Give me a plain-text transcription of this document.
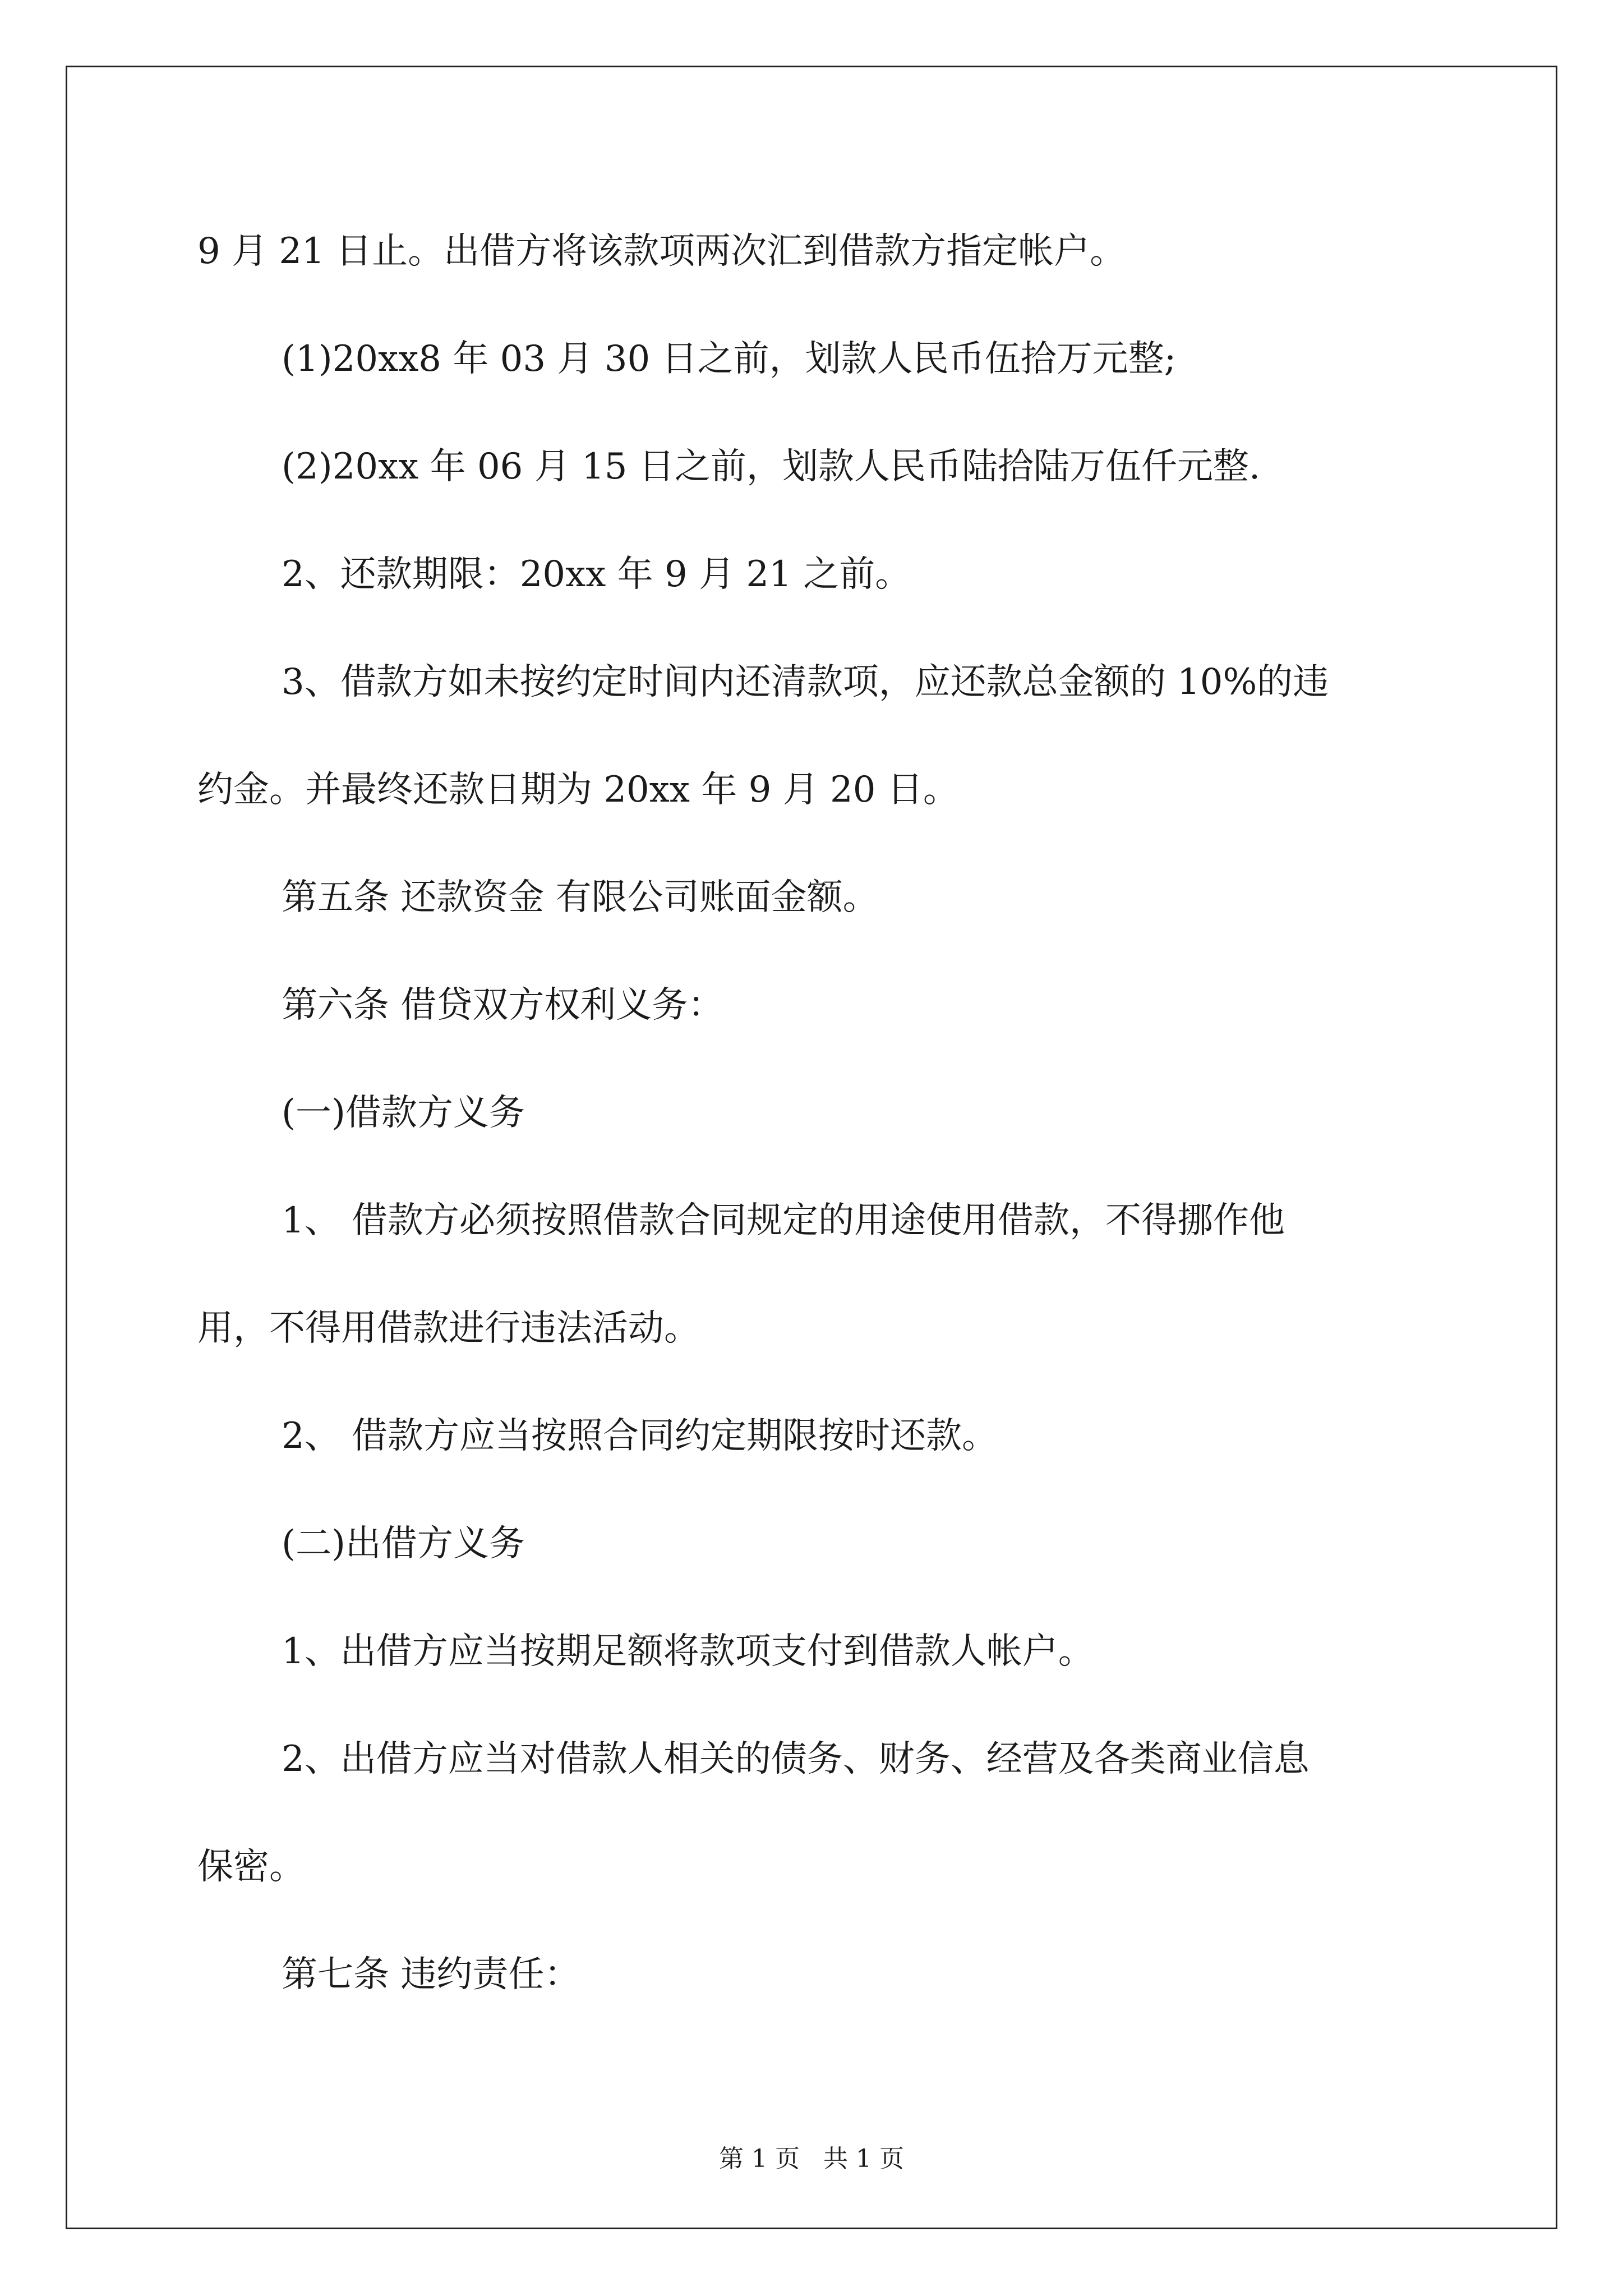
9 月 21 日止。出借方将该款项两次汇到借款方指定帐户。
(1)20xx8 年 03 月 30 日之前，划款人民币伍拾万元整;
(2)20xx 年 06 月 15 日之前，划款人民币陆拾陆万伍仟元整.
2、还款期限：20xx 年 9 月 21 之前。
3、借款方如未按约定时间内还清款项，应还款总金额的 10%的违
约金。并最终还款日期为 20xx 年 9 月 20 日。
第五条 还款资金 有限公司账面金额。
第六条 借贷双方权利义务：
(一)借款方义务
1、 借款方必须按照借款合同规定的用途使用借款，不得挪作他
用，不得用借款进行违法活动。
2、 借款方应当按照合同约定期限按时还款。
(二)出借方义务
1、出借方应当按期足额将款项支付到借款人帐户。
2、出借方应当对借款人相关的债务、财务、经营及各类商业信息
保密。
第七条 违约责任：
第 1 页 共 1 页
